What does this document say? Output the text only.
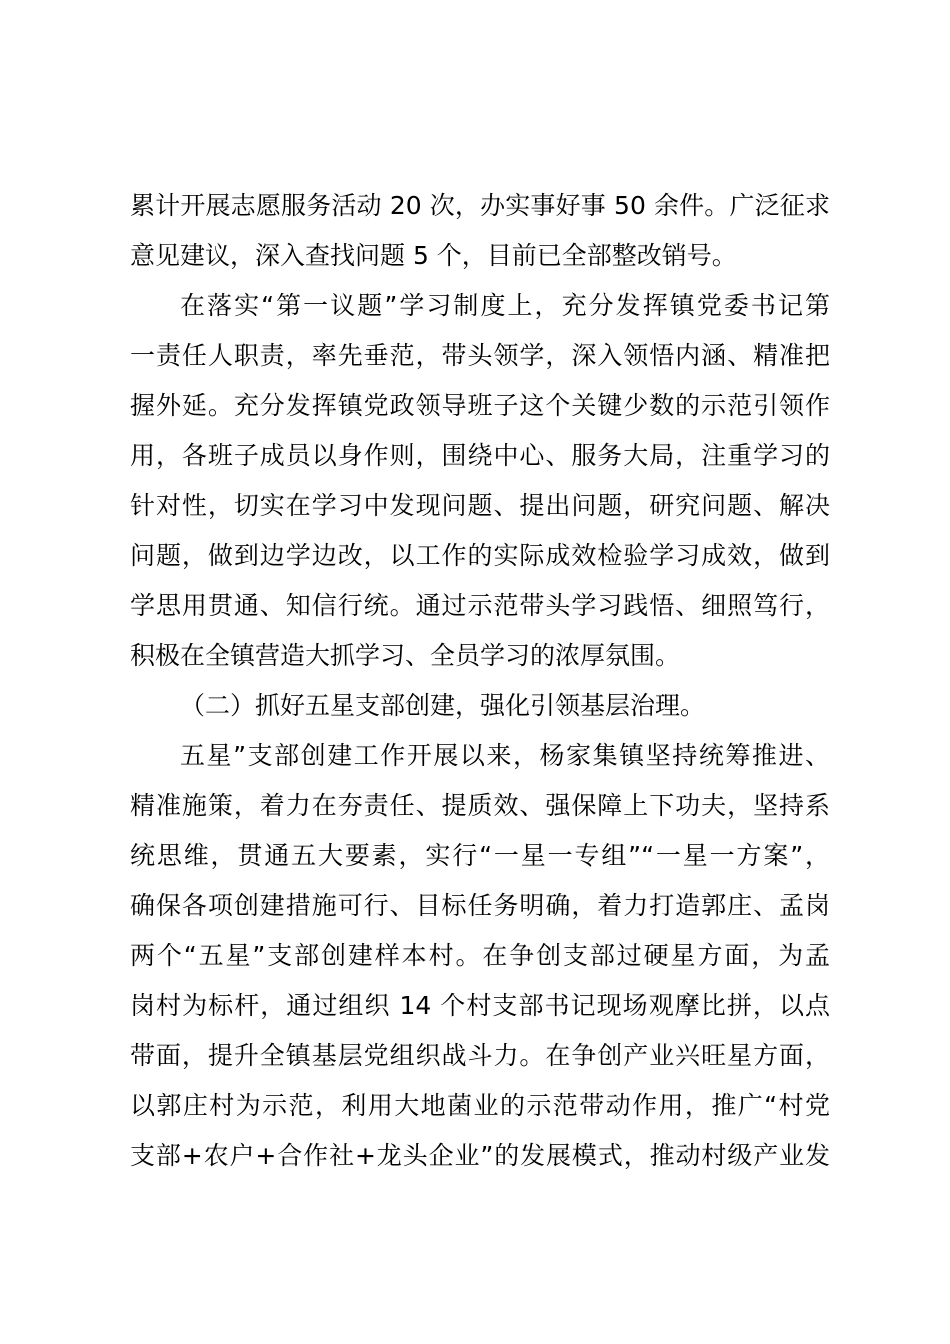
累计开展志愿服务活动 20 次，办实事好事 50 余件。广泛征求
意见建议，深入查找问题 5 个，目前已全部整改销号。
在落实“第一议题”学习制度上，充分发挥镇党委书记第
一责任人职责，率先垂范，带头领学，深入领悟内涵、精准把
握外延。充分发挥镇党政领导班子这个关键少数的示范引领作
用，各班子成员以身作则，围绕中心、服务大局，注重学习的
针对性，切实在学习中发现问题、提出问题，研究问题、解决
问题，做到边学边改，以工作的实际成效检验学习成效，做到
学思用贯通、知信行统。通过示范带头学习践悟、细照笃行，
积极在全镇营造大抓学习、全员学习的浓厚氛围。
（二）抓好五星支部创建，强化引领基层治理。
五星”支部创建工作开展以来，杨家集镇坚持统筹推进、
精准施策，着力在夯责任、提质效、强保障上下功夫，坚持系
统思维，贯通五大要素，实行“一星一专组”“一星一方案”，
确保各项创建措施可行、目标任务明确，着力打造郭庄、孟岗
两个“五星”支部创建样本村。在争创支部过硬星方面，为孟
岗村为标杆，通过组织 14 个村支部书记现场观摩比拼，以点
带面，提升全镇基层党组织战斗力。在争创产业兴旺星方面，
以郭庄村为示范，利用大地菌业的示范带动作用，推广“村党
支部+农户+合作社+龙头企业”的发展模式，推动村级产业发
